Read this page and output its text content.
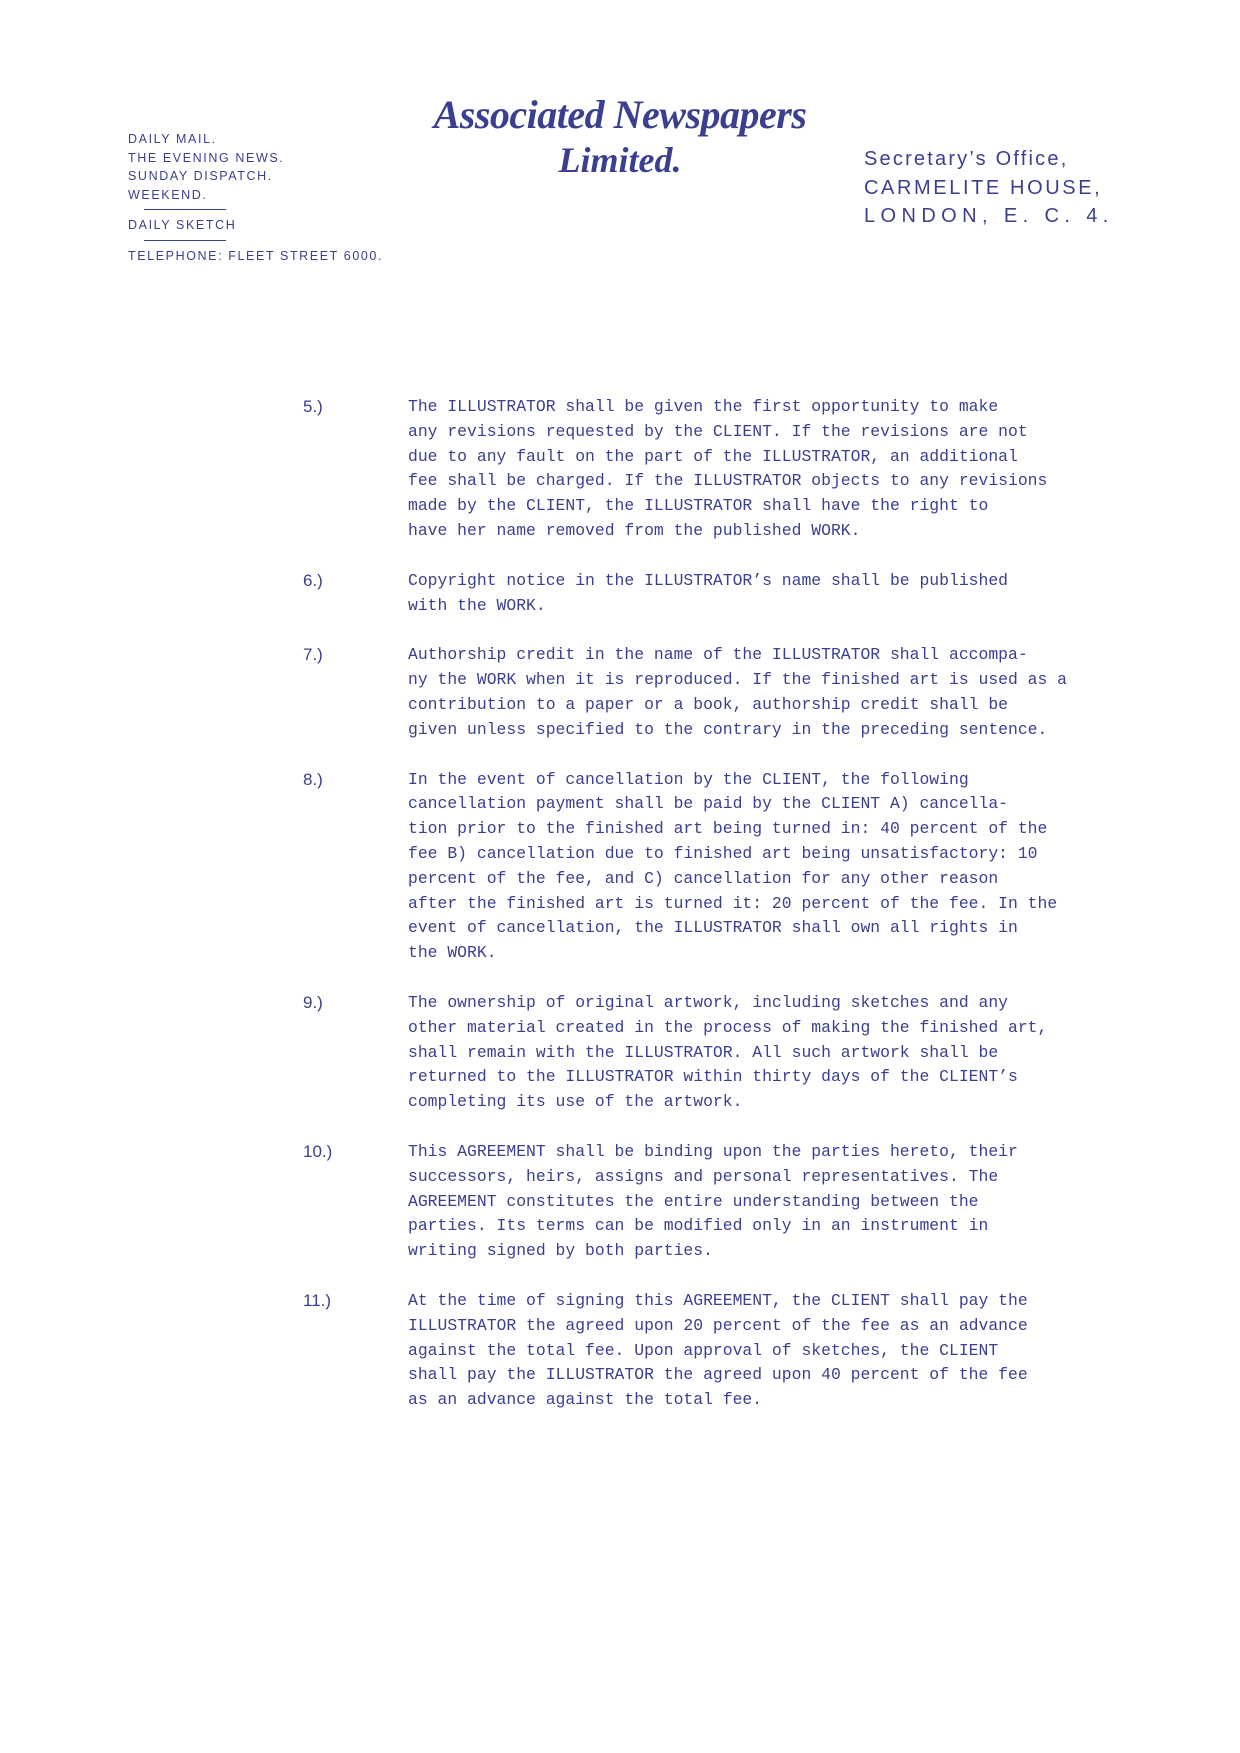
DAILY MAIL.
THE EVENING NEWS.
SUNDAY DISPATCH.
WEEKEND.
DAILY SKETCH
TELEPHONE: FLEET STREET 6000.
Associated Newspapers
Limited.	Secretary’s Office,
CARMELITE HOUSE,
LONDON, E. C. 4.
5.)	The ILLUSTRATOR shall be given the first opportunity to make
any revisions requested by the CLIENT. If the revisions are not
due to any fault on the part of the ILLUSTRATOR, an additional
fee shall be charged. If the ILLUSTRATOR objects to any revisions
made by the CLIENT, the ILLUSTRATOR shall have the right to
have her name removed from the published WORK.
6.)	Copyright notice in the ILLUSTRATOR’s name shall be published
with the WORK.
7.)	Authorship credit in the name of the ILLUSTRATOR shall accompa-
ny the WORK when it is reproduced. If the finished art is used as a
contribution to a paper or a book, authorship credit shall be
given unless specified to the contrary in the preceding sentence.
8.)	In the event of cancellation by the CLIENT, the following
cancellation payment shall be paid by the CLIENT A) cancella-
tion prior to the finished art being turned in: 40 percent of the
fee B) cancellation due to finished art being unsatisfactory: 10
percent of the fee, and C) cancellation for any other reason
after the finished art is turned it: 20 percent of the fee. In the
event of cancellation, the ILLUSTRATOR shall own all rights in
the WORK.
9.)	The ownership of original artwork, including sketches and any
other material created in the process of making the finished art,
shall remain with the ILLUSTRATOR. All such artwork shall be
returned to the ILLUSTRATOR within thirty days of the CLIENT’s
completing its use of the artwork.
10.)	This AGREEMENT shall be binding upon the parties hereto, their
successors, heirs, assigns and personal representatives. The
AGREEMENT constitutes the entire understanding between the
parties. Its terms can be modified only in an instrument in
writing signed by both parties.
11.)	At the time of signing this AGREEMENT, the CLIENT shall pay the
ILLUSTRATOR the agreed upon 20 percent of the fee as an advance
against the total fee. Upon approval of sketches, the CLIENT
shall pay the ILLUSTRATOR the agreed upon 40 percent of the fee
as an advance against the total fee.
